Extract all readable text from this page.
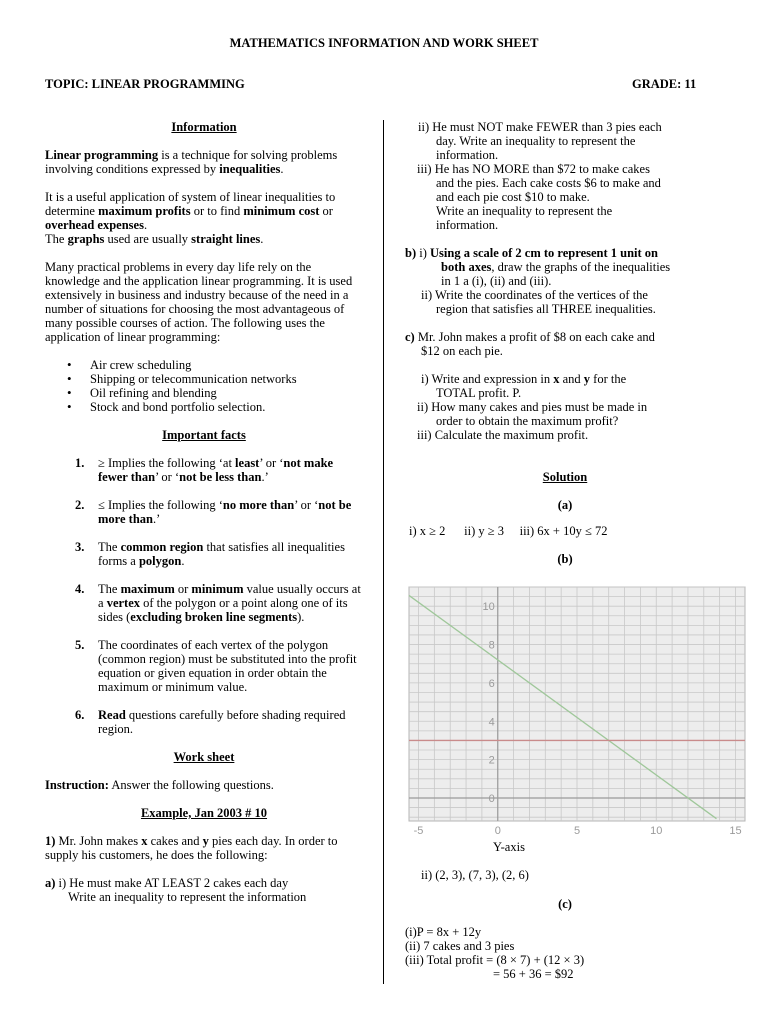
MATHEMATICS INFORMATION AND WORK SHEET
TOPIC: LINEAR PROGRAMMING	GRADE: 11

Information

Linear programming is a technique for solving problems involving conditions expressed by inequalities.

It is a useful application of system of linear inequalities to determine maximum profits or to find minimum cost or overhead expenses.

The graphs used are usually straight lines.

Many practical problems in every day life rely on the knowledge and the application linear programming. It is used extensively in business and industry because of the need in a number of situations for choosing the most advantageous of many possible courses of action. The following uses the application of linear programming:

• Air crew scheduling
• Shipping or telecommunication networks
• Oil refining and blending
• Stock and bond portfolio selection.

Important facts

1. ≥ Implies the following ‘at least’ or ‘not make fewer than’ or ‘not be less than.’
2. ≤ Implies the following ‘no more than’ or ‘not be more than.’
3. The common region that satisfies all inequalities forms a polygon.
4. The maximum or minimum value usually occurs at a vertex of the polygon or a point along one of its sides (excluding broken line segments).
5. The coordinates of each vertex of the polygon (common region) must be substituted into the profit equation or given equation in order obtain the maximum or minimum value.
6. Read questions carefully before shading required region.

Work sheet

Instruction: Answer the following questions.

Example, Jan 2003 # 10

1) Mr. John makes x cakes and y pies each day. In order to supply his customers, he does the following:

a) i) He must make AT LEAST 2 cakes each day

Write an inequality to represent the information

ii) He must NOT make FEWER than 3 pies each

day. Write an inequality to represent the

information.

iii) He has NO MORE than $72 to make cakes

and the pies. Each cake costs $6 to make and

and each pie cost $10 to make.

Write an inequality to represent the

information.

b) i) Using a scale of 2 cm to represent 1 unit on

both axes, draw the graphs of the inequalities

in 1 a (i), (ii) and (iii).

ii) Write the coordinates of the vertices of the

region that satisfies all THREE inequalities.

c) Mr. John makes a profit of $8 on each cake and

$12 on each pie.

i) Write and expression in x and y for the

TOTAL profit. P.

ii) How many cakes and pies must be made in

order to obtain the maximum profit?

iii) Calculate the maximum profit.

Solution

(a)

i) x ≥ 2      ii) y ≥ 3     iii) 6x + 10y ≤ 72

(b)

-5	0	5	10	15
0
2
4
6
8
10
Y-axis
ii) (2, 3), (7, 3), (2, 6)
(c)
(i)P = 8x + 12y
(ii) 7 cakes and 3 pies
(iii) Total profit = (8 × 7) + (12 × 3)
= 56 + 36 = $92
